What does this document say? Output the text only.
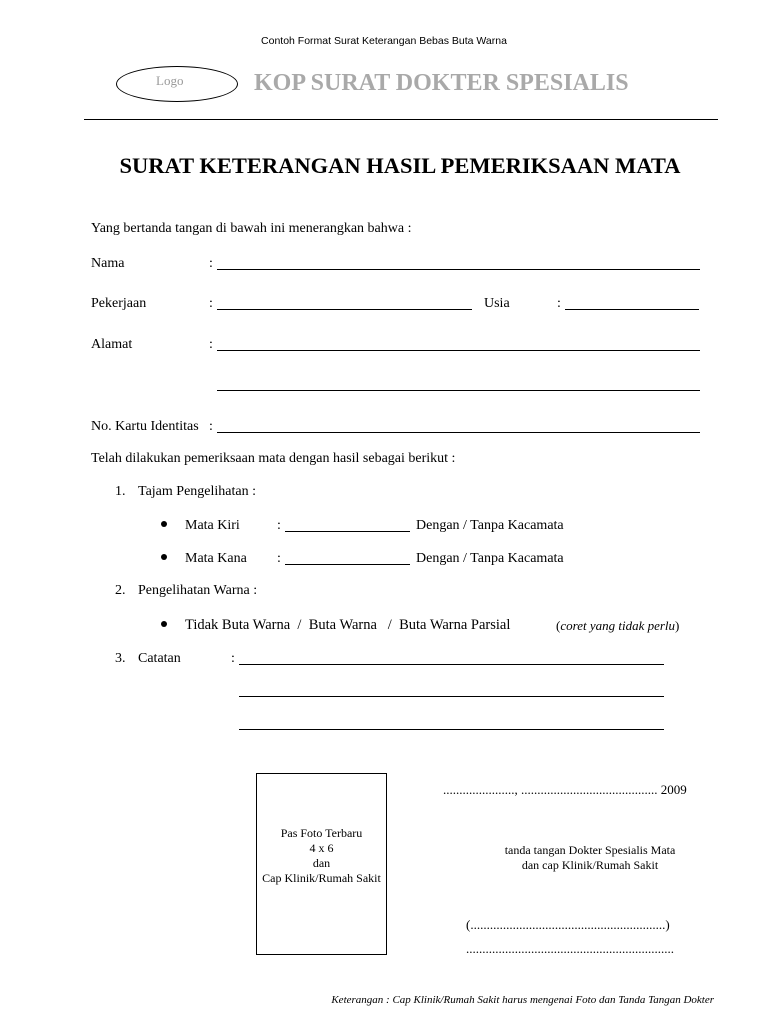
Contoh Format Surat Keterangan Bebas Buta Warna
Logo	KOP SURAT DOKTER SPESIALIS
SURAT KETERANGAN HASIL PEMERIKSAAN MATA
Yang bertanda tangan di bawah ini menerangkan bahwa :
Nama	:
Pekerjaan	:	Usia	:
Alamat	:
No. Kartu Identitas :
Telah dilakukan pemeriksaan mata dengan hasil sebagai berikut :
1. Tajam Pengelihatan :
Mata Kiri	:	Dengan / Tanpa Kacamata
Mata Kana :	Dengan / Tanpa Kacamata
2. Pengelihatan Warna :
Tidak Buta Warna  /  Buta Warna   /  Buta Warna Parsial	(coret yang tidak perlu)
3. Catatan	:
Pas Foto Terbaru
4 x 6
dan
Cap Klinik/Rumah Sakit
......................, .......................................... 2009
tanda tangan Dokter Spesialis Mata
dan cap Klinik/Rumah Sakit
(............................................................)
................................................................
Keterangan : Cap Klinik/Rumah Sakit harus mengenai Foto dan Tanda Tangan Dokter
